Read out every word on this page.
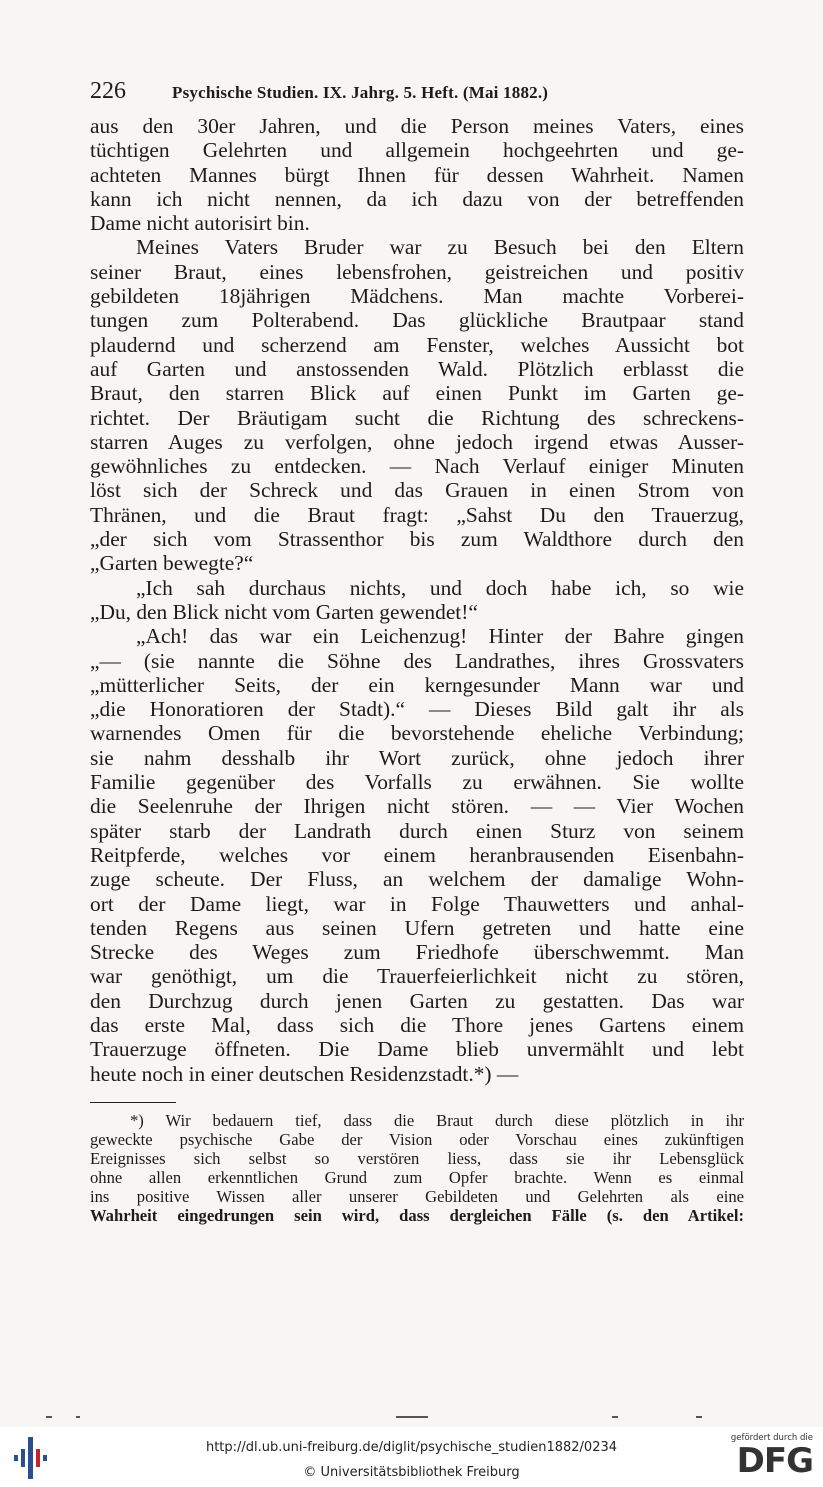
226	Psychische Studien. IX. Jahrg. 5. Heft. (Mai 1882.)
aus den 30er Jahren, und die Person meines Vaters, eines
tüchtigen Gelehrten und allgemein hochgeehrten und ge-
achteten Mannes bürgt Ihnen für dessen Wahrheit. Namen
kann ich nicht nennen, da ich dazu von der betreffenden
Dame nicht autorisirt bin.
Meines Vaters Bruder war zu Besuch bei den Eltern
seiner Braut, eines lebensfrohen, geistreichen und positiv
gebildeten 18jährigen Mädchens. Man machte Vorberei-
tungen zum Polterabend. Das glückliche Brautpaar stand
plaudernd und scherzend am Fenster, welches Aussicht bot
auf Garten und anstossenden Wald. Plötzlich erblasst die
Braut, den starren Blick auf einen Punkt im Garten ge-
richtet. Der Bräutigam sucht die Richtung des schreckens-
starren Auges zu verfolgen, ohne jedoch irgend etwas Ausser-
gewöhnliches zu entdecken. — Nach Verlauf einiger Minuten
löst sich der Schreck und das Grauen in einen Strom von
Thränen, und die Braut fragt: „Sahst Du den Trauerzug,
„der sich vom Strassenthor bis zum Waldthore durch den
„Garten bewegte?“
„Ich sah durchaus nichts, und doch habe ich, so wie
„Du, den Blick nicht vom Garten gewendet!“
„Ach! das war ein Leichenzug! Hinter der Bahre gingen
„— (sie nannte die Söhne des Landrathes, ihres Grossvaters
„mütterlicher Seits, der ein kerngesunder Mann war und
„die Honoratioren der Stadt).“ — Dieses Bild galt ihr als
warnendes Omen für die bevorstehende eheliche Verbindung;
sie nahm desshalb ihr Wort zurück, ohne jedoch ihrer
Familie gegenüber des Vorfalls zu erwähnen. Sie wollte
die Seelenruhe der Ihrigen nicht stören. — — Vier Wochen
später starb der Landrath durch einen Sturz von seinem
Reitpferde, welches vor einem heranbrausenden Eisenbahn-
zuge scheute. Der Fluss, an welchem der damalige Wohn-
ort der Dame liegt, war in Folge Thauwetters und anhal-
tenden Regens aus seinen Ufern getreten und hatte eine
Strecke des Weges zum Friedhofe überschwemmt. Man
war genöthigt, um die Trauerfeierlichkeit nicht zu stören,
den Durchzug durch jenen Garten zu gestatten. Das war
das erste Mal, dass sich die Thore jenes Gartens einem
Trauerzuge öffneten. Die Dame blieb unvermählt und lebt
heute noch in einer deutschen Residenzstadt.*) —
*) Wir bedauern tief, dass die Braut durch diese plötzlich in ihr
geweckte psychische Gabe der Vision oder Vorschau eines zukünftigen
Ereignisses sich selbst so verstören liess, dass sie ihr Lebensglück
ohne allen erkenntlichen Grund zum Opfer brachte. Wenn es einmal
ins positive Wissen aller unserer Gebildeten und Gelehrten als eine
Wahrheit eingedrungen sein wird, dass dergleichen Fälle (s. den Artikel:
http://dl.ub.uni-freiburg.de/diglit/psychische_studien1882/0234
© Universitätsbibliothek Freiburg
gefördert durch die
DFG
